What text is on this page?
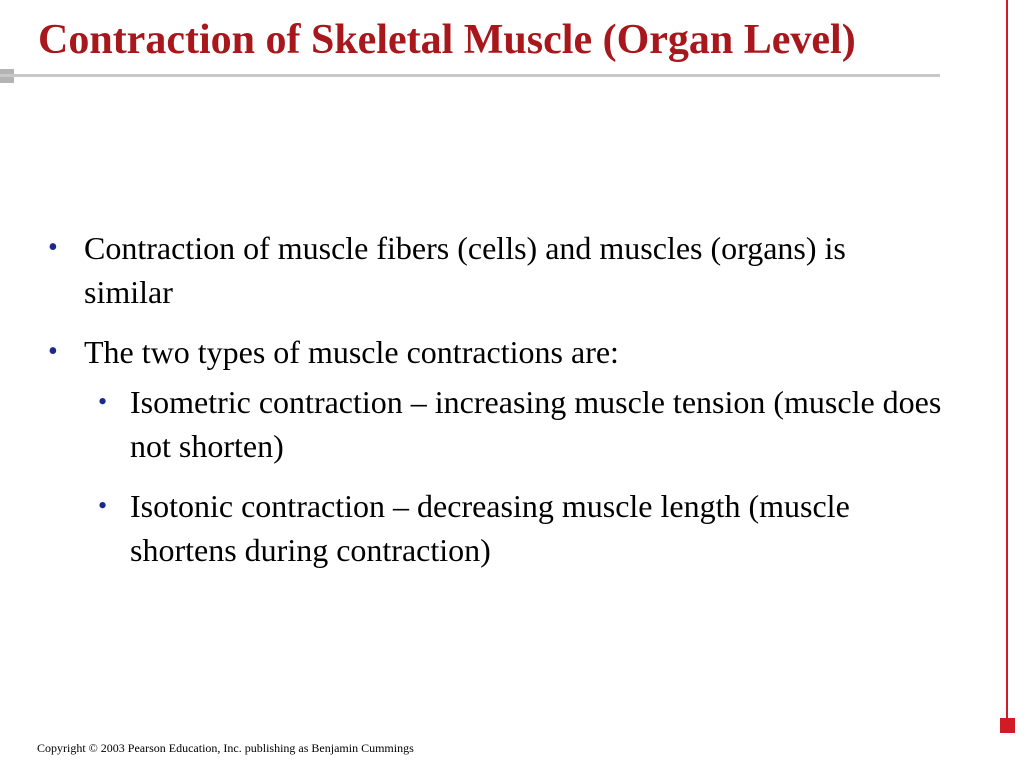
Contraction of Skeletal Muscle (Organ Level)
• Contraction of muscle fibers (cells) and muscles (organs) is similar
• The two types of muscle contractions are:
• Isometric contraction – increasing muscle tension (muscle does not shorten)
• Isotonic contraction – decreasing muscle length (muscle shortens during contraction)
Copyright © 2003 Pearson Education, Inc. publishing as Benjamin Cummings
